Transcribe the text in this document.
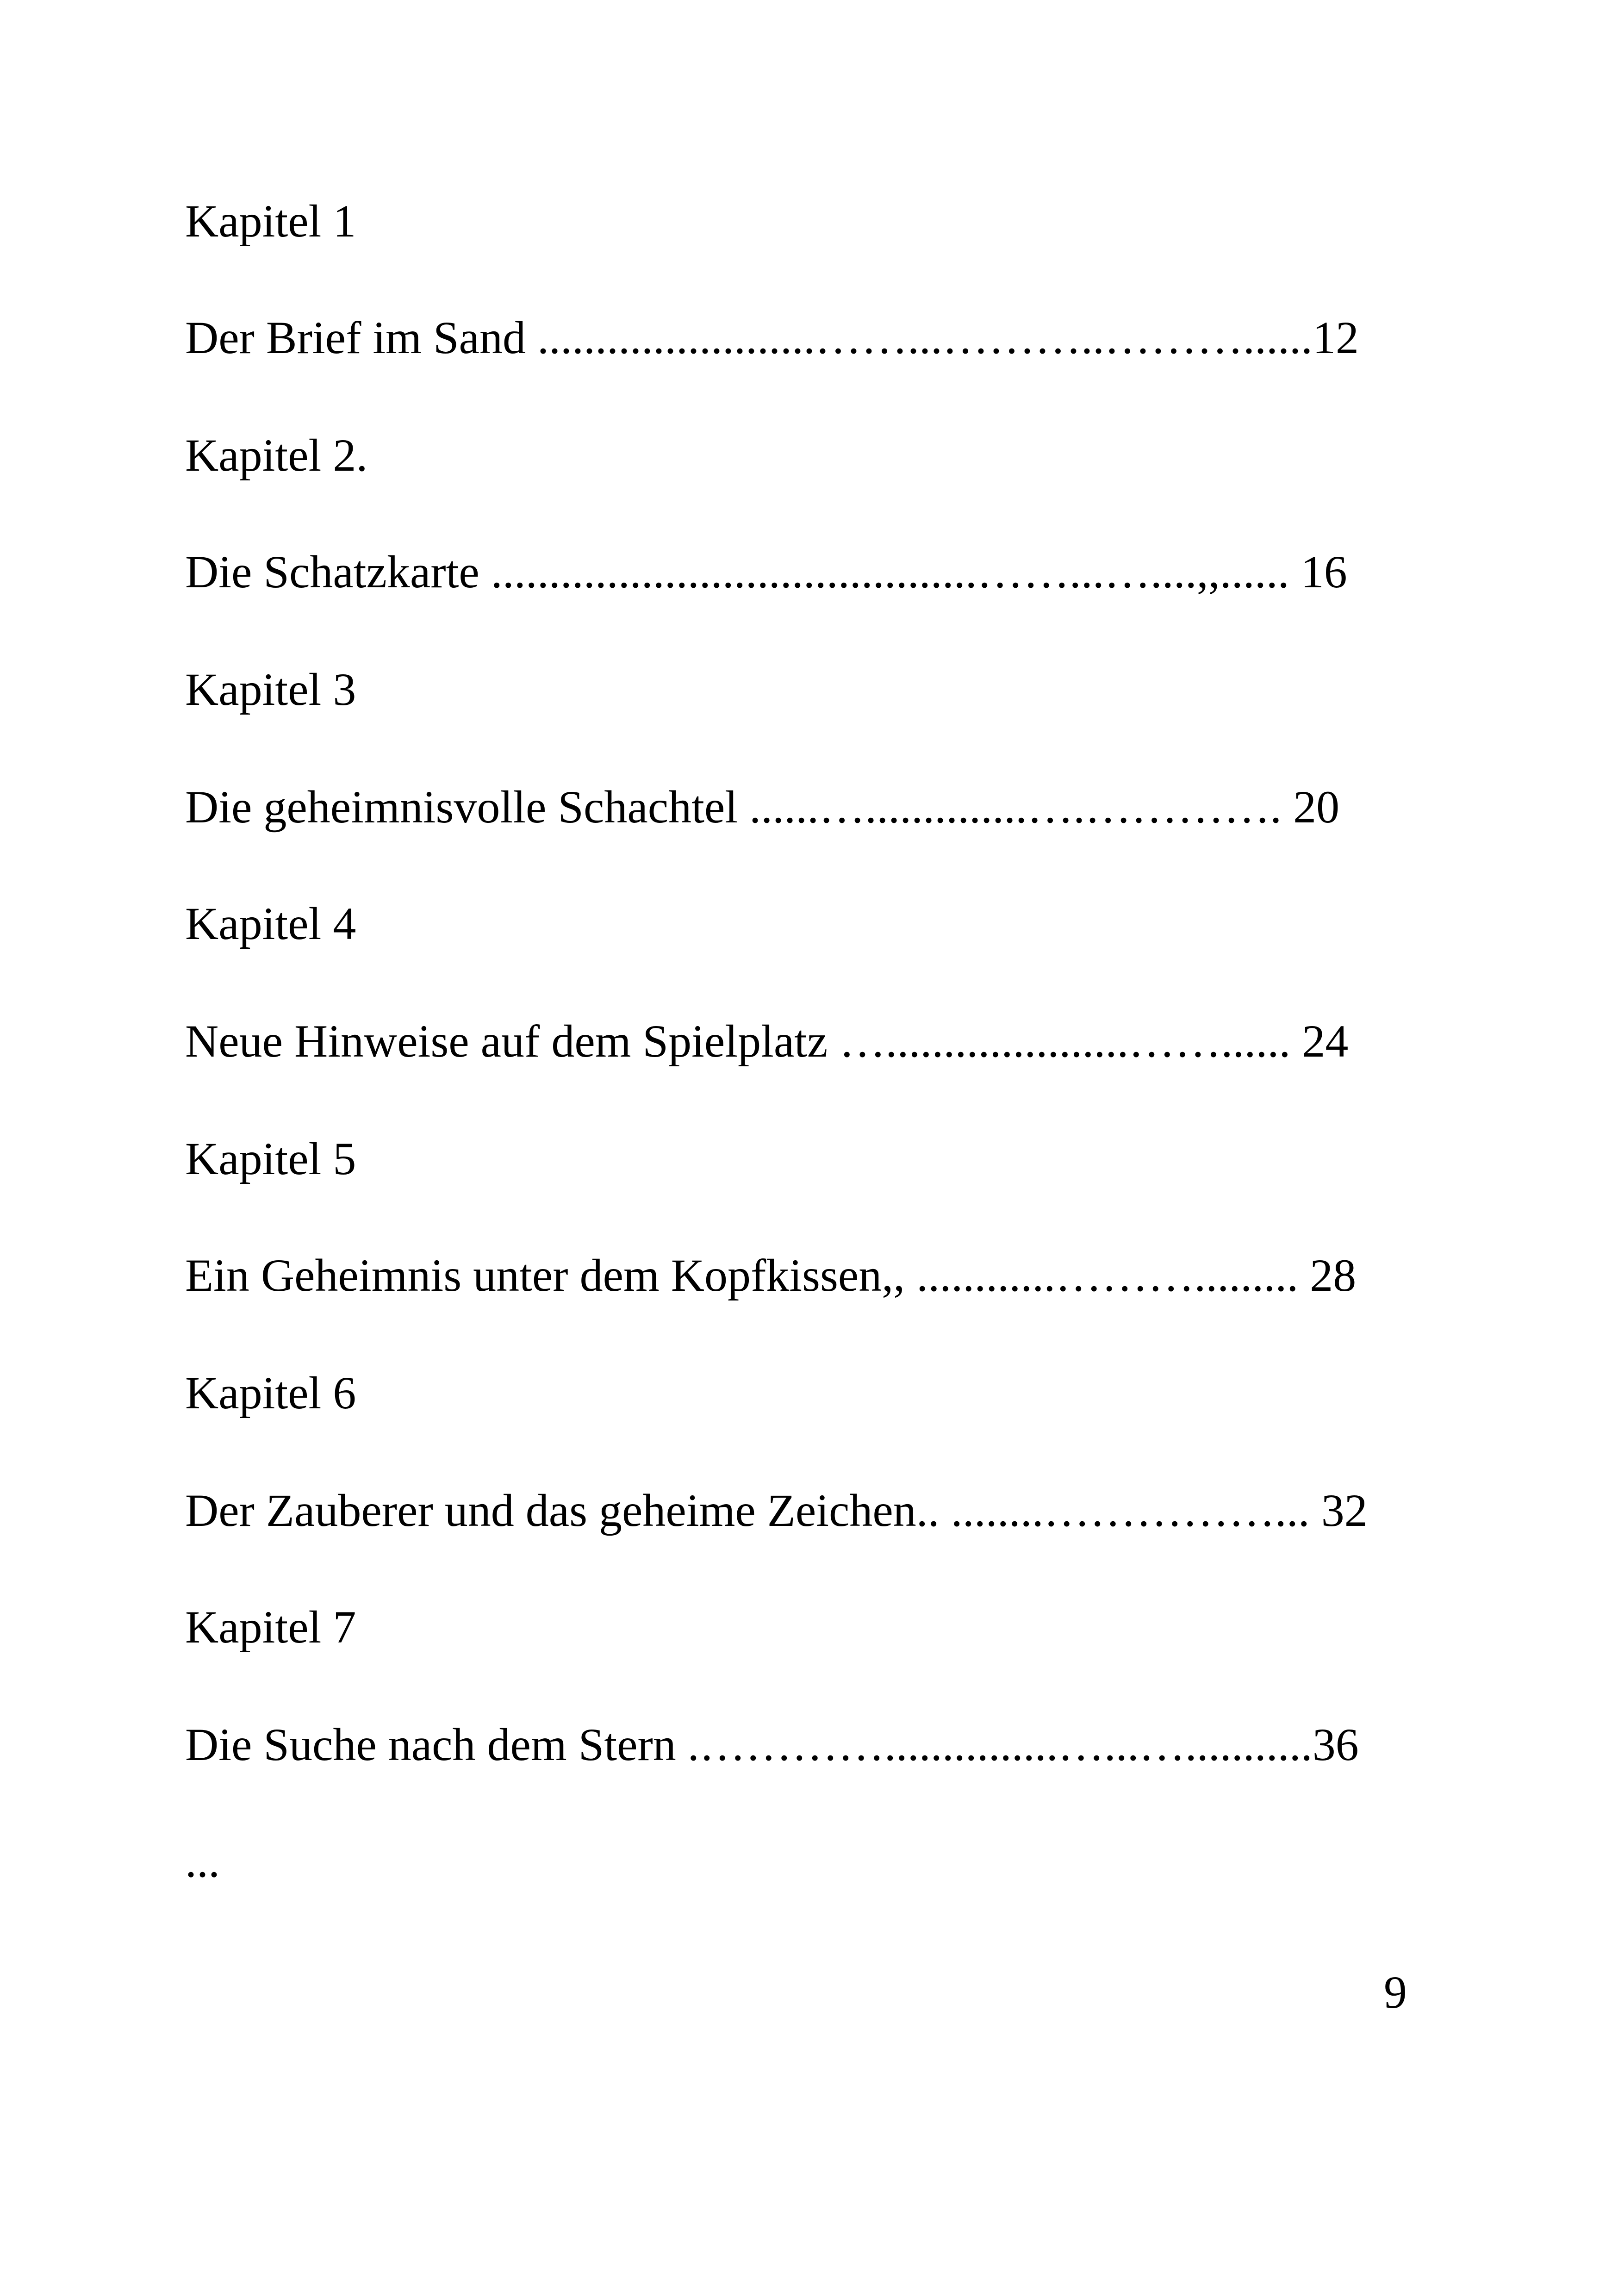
Kapitel 1

Der Brief im Sand ........................……...………..………......12

Kapitel 2.

Die Schatzkarte ..........................................……...…....,,...... 16

Kapitel 3

Die geheimnisvolle Schachtel ......…..............….…………. 20

Kapitel 4

Neue Hinweise auf dem Spielplatz ….....................……...... 24

Kapitel 5

Ein Geheimnis unter dem Kopfkissen,, ............………......... 28

Kapitel 6

Der Zauberer und das geheime Zeichen.. ........……………... 32

Kapitel 7

Die Suche nach dem Stern .…………...............…...…...........36

...

9
